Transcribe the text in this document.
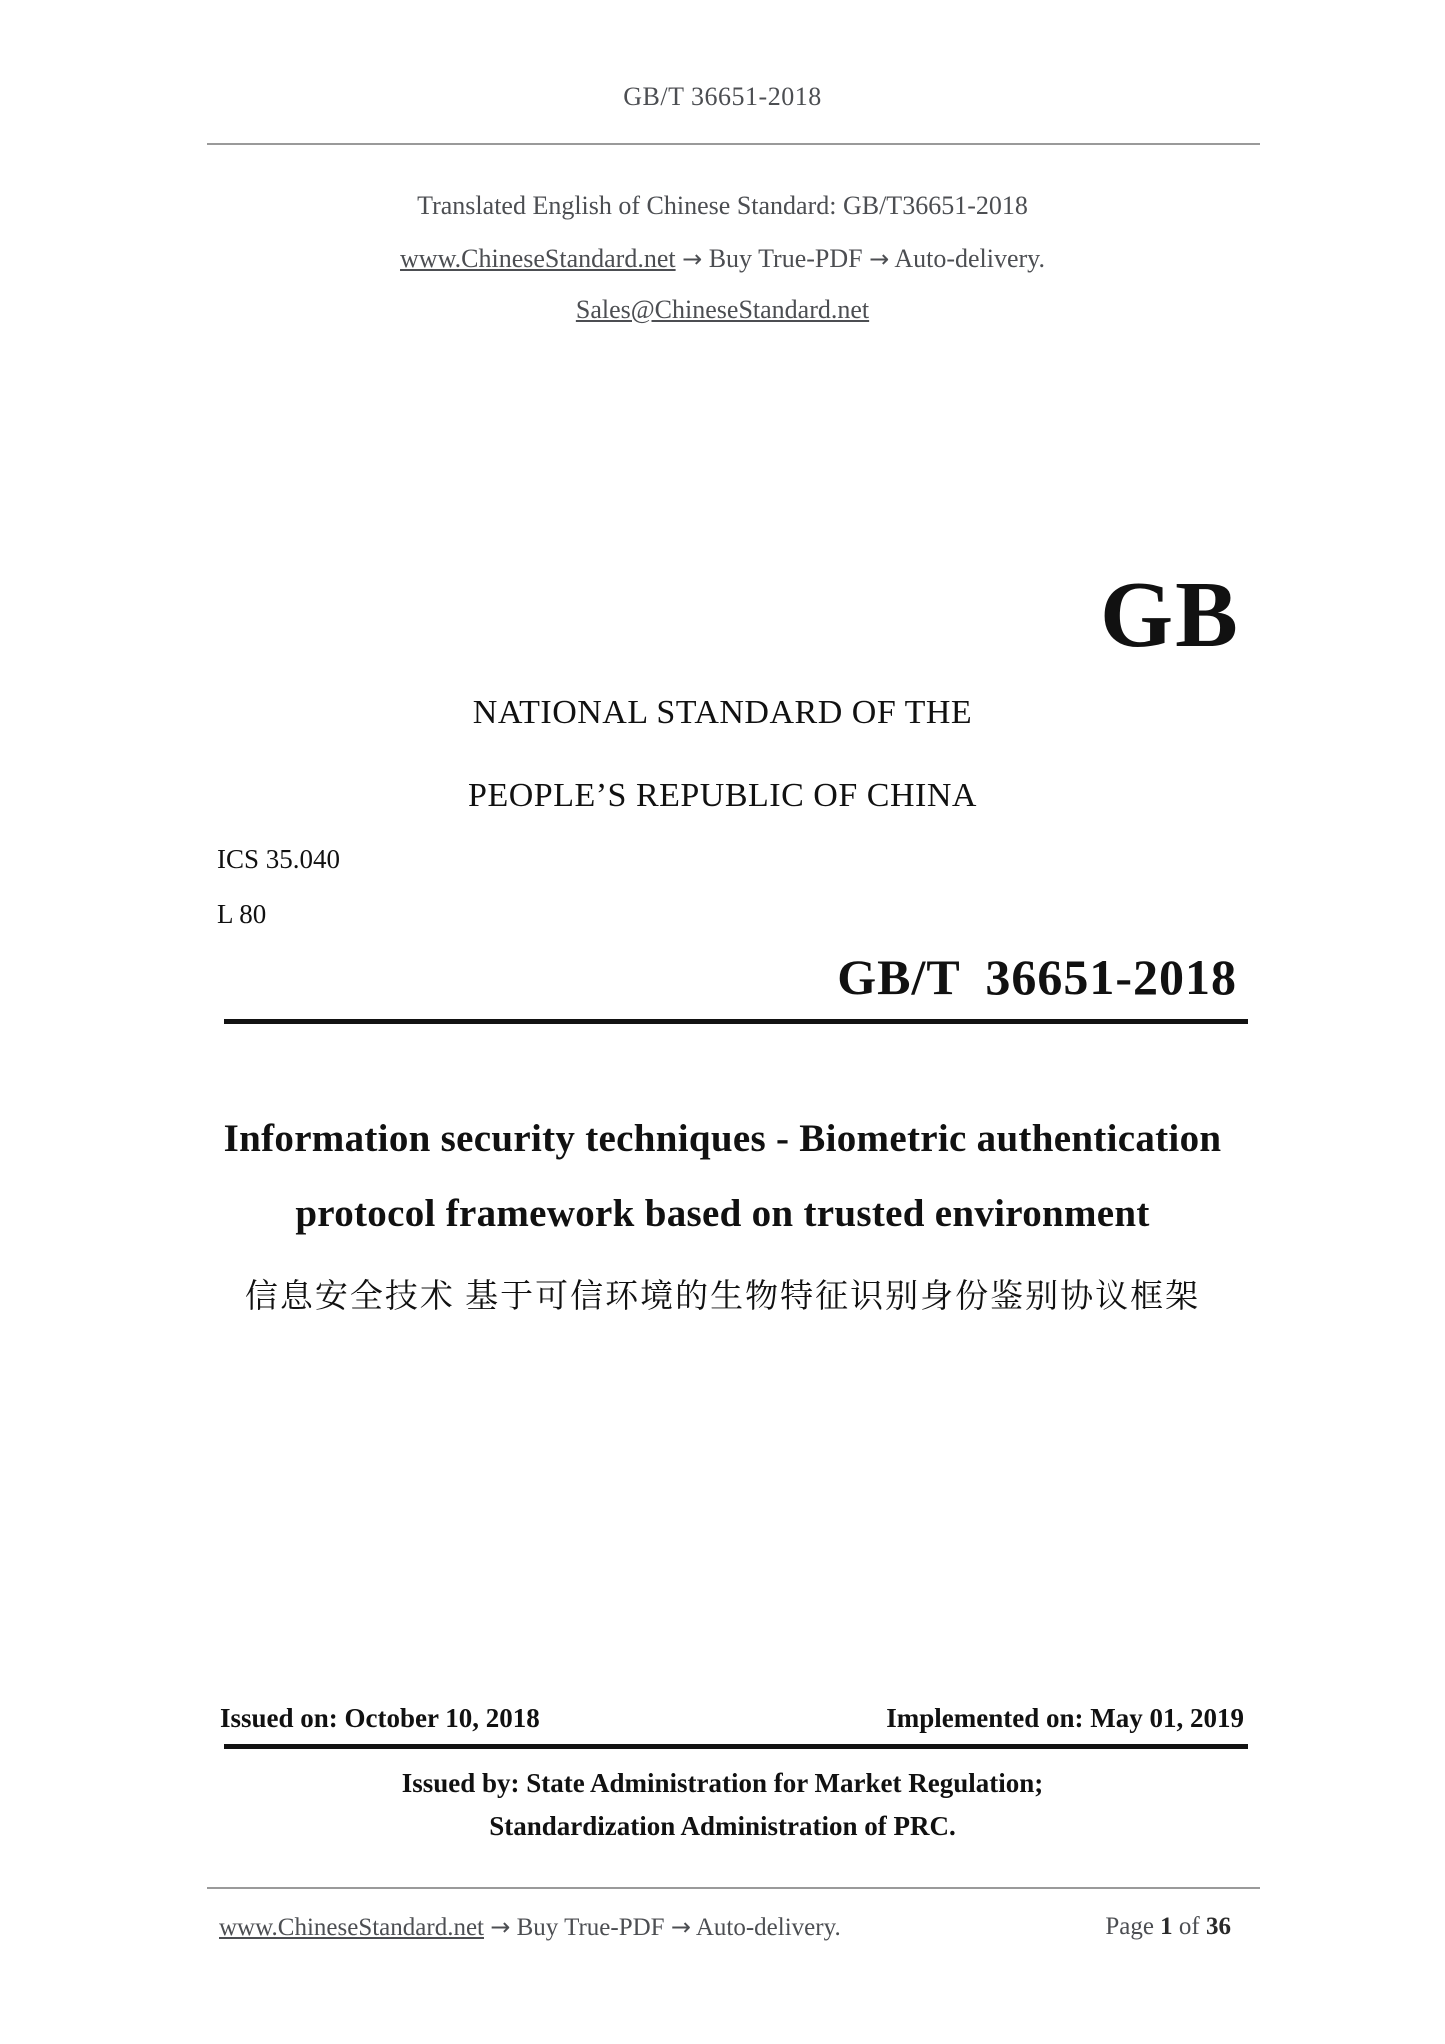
GB/T 36651-2018
Translated English of Chinese Standard: GB/T36651-2018
www.ChineseStandard.net → Buy True-PDF → Auto-delivery.
Sales@ChineseStandard.net
GB
NATIONAL STANDARD OF THE
PEOPLE’S REPUBLIC OF CHINA
ICS 35.040
L 80
GB/T 36651-2018
Information security techniques - Biometric authentication
protocol framework based on trusted environment
信息安全技术 基于可信环境的生物特征识别身份鉴别协议框架
Issued on: October 10, 2018	Implemented on: May 01, 2019
Issued by: State Administration for Market Regulation;
Standardization Administration of PRC.
www.ChineseStandard.net → Buy True-PDF → Auto-delivery.	Page 1 of 36
